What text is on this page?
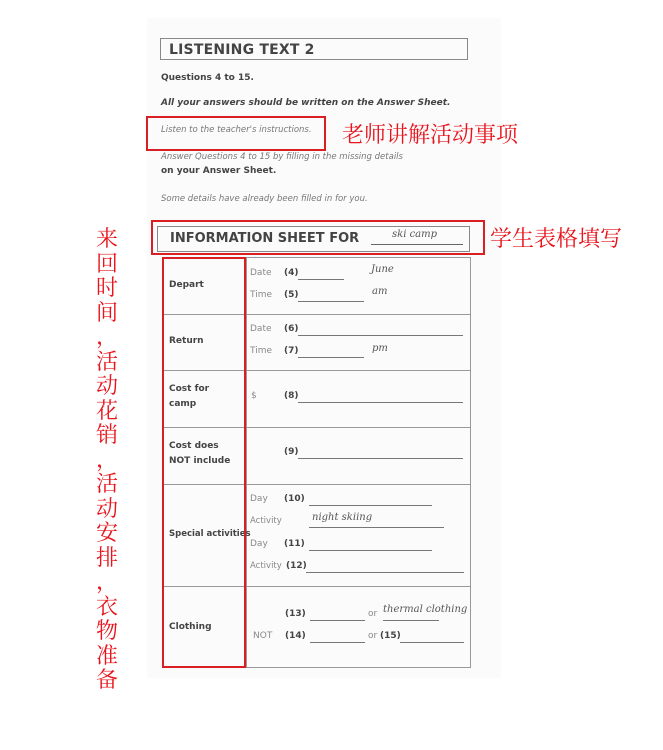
LISTENING TEXT 2
Questions 4 to 15.
All your answers should be written on the Answer Sheet.
Listen to the teacher's instructions. 老师讲解活动事项
Answer Questions 4 to 15 by filling in the missing details
on your Answer Sheet.
Some details have already been filled in for you.
INFORMATION SHEET FOR	ski camp 学生表格填写
Depart
Date (4)	June
Time (5)	am
Return
Date (6)
Time (7)	pm
Cost for
camp
$	(8)
Cost does
NOT include
(9)
Special activities
Day (10)
Activity	night skiing
Day (11)
Activity (12)
Clothing
(13)	or thermal clothing
NOT (14)	or (15)
来
回
时
间
，
活
动
花
销
，
活
动
安
排
，
衣
物
准
备
